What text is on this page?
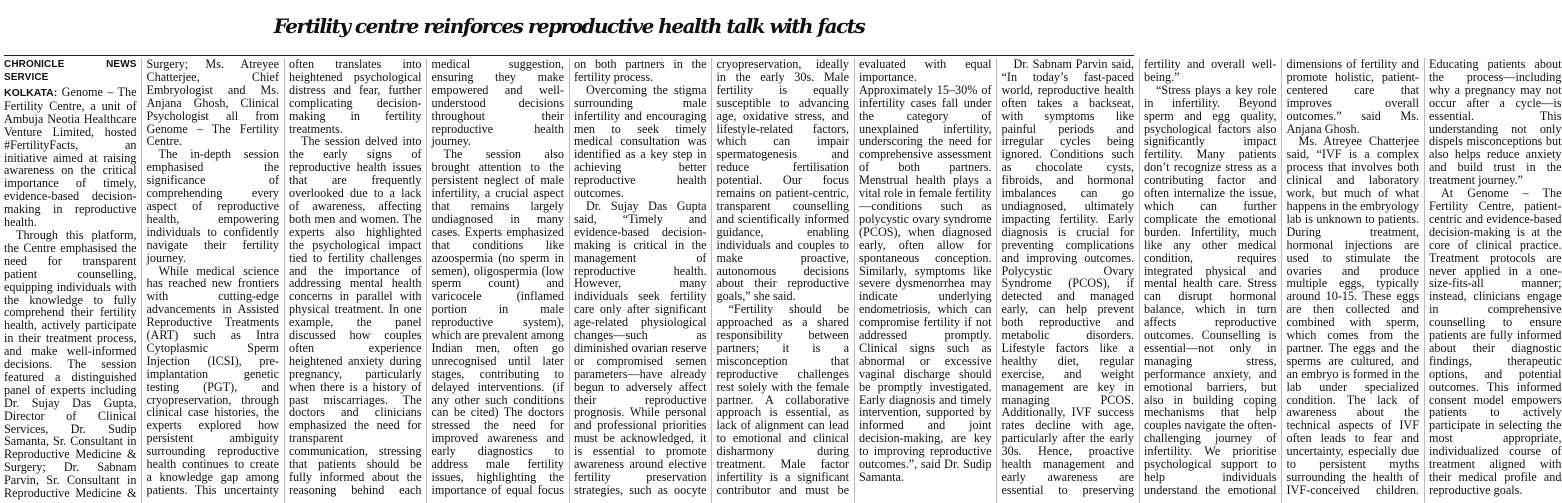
Fertility centre reinforces reproductive health talk with facts
CHRONICLE NEWS SERVICE

KOLKATA: Genome – The Fertility Centre, a unit of Ambuja Neotia Healthcare Venture Limited, hosted #FertilityFacts, an initiative aimed at raising awareness on the critical importance of timely, evidence-based decision-making in reproductive health.

Through this platform, the Centre emphasised the need for transparent patient counselling, equipping individuals with the knowledge to fully comprehend their fertility health, actively participate in their treatment process, and make well-informed decisions. The session featured a distinguished panel of experts including Dr. Sujay Das Gupta, Director of Clinical Services, Dr. Sudip Samanta, Sr. Consultant in Reproductive Medicine & Surgery; Dr. Sabnam Parvin, Sr. Consultant in Reproductive Medicine & Surgery; Ms. Atreyee Chatterjee, Chief Embryologist and Ms. Anjana Ghosh, Clinical Psychologist all from Genome – The Fertility Centre.

The in-depth session emphasised the significance of comprehending every aspect of reproductive health, empowering individuals to confidently navigate their fertility journey.

While medical science has reached new frontiers with cutting-edge advancements in Assisted Reproductive Treatments (ART) such as Intra Cytoplasmic Sperm Injection (ICSI), pre-implantation genetic testing (PGT), and cryopreservation, through clinical case histories, the experts explored how persistent ambiguity surrounding reproductive health continues to create a knowledge gap among patients. This uncertainty often translates into heightened psychological distress and fear, further complicating decision-making in fertility treatments.

The session delved into the early signs of reproductive health issues that are frequently overlooked due to a lack of awareness, affecting both men and women. The experts also highlighted the psychological impact tied to fertility challenges and the importance of addressing mental health concerns in parallel with physical treatment. In one example, the panel discussed how couples often experience heightened anxiety during pregnancy, particularly when there is a history of past miscarriages. The doctors and clinicians emphasized the need for transparent communication, stressing that patients should be fully informed about the reasoning behind each medical suggestion, ensuring they make empowered and well-understood decisions throughout their reproductive health journey.

The session also brought attention to the persistent neglect of male infertility, a crucial aspect that remains largely undiagnosed in many cases. Experts emphasized that conditions like azoospermia (no sperm in semen), oligospermia (low sperm count) and varicocele (inflamed portion in male reproductive system), which are prevalent among Indian men, often go unrecognised until later stages, contributing to delayed interventions. (if any other such conditions can be cited) The doctors stressed the need for improved awareness and early diagnostics to address male fertility issues, highlighting the importance of equal focus on both partners in the fertility process.

Overcoming the stigma surrounding male infertility and encouraging men to seek timely medical consultation was identified as a key step in achieving better reproductive health outcomes.

Dr. Sujay Das Gupta said, “Timely and evidence-based decision-making is critical in the management of reproductive health. However, many individuals seek fertility care only after significant age-related physiological changes—such as diminished ovarian reserve or compromised semen parameters—have already begun to adversely affect their reproductive prognosis. While personal and professional priorities must be acknowledged, it is essential to promote awareness around elective fertility preservation strategies, such as oocyte cryopreservation, ideally in the early 30s. Male fertility is equally susceptible to advancing age, oxidative stress, and lifestyle-related factors, which can impair spermatogenesis and reduce fertilisation potential. Our focus remains on patient-centric, transparent counselling and scientifically informed guidance, enabling individuals and couples to make proactive, autonomous decisions about their reproductive goals,” she said.

“Fertility should be approached as a shared responsibility between partners; it is a misconception that reproductive challenges rest solely with the female partner. A collaborative approach is essential, as lack of alignment can lead to emotional and clinical disharmony during treatment. Male factor infertility is a significant contributor and must be evaluated with equal importance. Approximately 15–30% of infertility cases fall under the category of unexplained infertility, underscoring the need for comprehensive assessment of both partners. Menstrual health plays a vital role in female fertility—conditions such as polycystic ovary syndrome (PCOS), when diagnosed early, often allow for spontaneous conception. Similarly, symptoms like severe dysmenorrhea may indicate underlying endometriosis, which can compromise fertility if not addressed promptly. Clinical signs such as abnormal or excessive vaginal discharge should be promptly investigated. Early diagnosis and timely intervention, supported by informed and joint decision-making, are key to improving reproductive outcomes.”, said Dr. Sudip Samanta.

Dr. Sabnam Parvin said, “In today’s fast-paced world, reproductive health often takes a backseat, with symptoms like painful periods and irregular cycles being ignored. Conditions such as chocolate cysts, fibroids, and hormonal imbalances can go undiagnosed, ultimately impacting fertility. Early diagnosis is crucial for preventing complications and improving outcomes. Polycystic Ovary Syndrome (PCOS), if detected and managed early, can help prevent both reproductive and metabolic disorders. Lifestyle factors like a healthy diet, regular exercise, and weight management are key in managing PCOS. Additionally, IVF success rates decline with age, particularly after the early 30s. Hence, proactive health management and early awareness are essential to preserving fertility and overall well-being.”

“Stress plays a key role in infertility. Beyond sperm and egg quality, psychological factors also significantly impact fertility. Many patients don’t recognize stress as a contributing factor and often internalize the issue, which can further complicate the emotional burden. Infertility, much like any other medical condition, requires integrated physical and mental health care. Stress can disrupt hormonal balance, which in turn affects reproductive outcomes. Counselling is essential—not only in managing stress, performance anxiety, and emotional barriers, but also in building coping mechanisms that help couples navigate the often-challenging journey of infertility. We prioritise psychological support to help individuals understand the emotional dimensions of fertility and promote holistic, patient-centered care that improves overall outcomes.” said Ms. Anjana Ghosh.

Ms. Atreyee Chatterjee said, “IVF is a complex process that involves both clinical and laboratory work, but much of what happens in the embryology lab is unknown to patients. During treatment, hormonal injections are used to stimulate the ovaries and produce multiple eggs, typically around 10-15. These eggs are then collected and combined with sperm, which comes from the partner. The eggs and the sperms are cultured, and an embryo is formed in the lab under specialized condition. The lack of awareness about the technical aspects of IVF often leads to fear and uncertainty, especially due to persistent myths surrounding the health of IVF-conceived children. Educating patients about the process—including why a pregnancy may not occur after a cycle—is essential. This understanding not only dispels misconceptions but also helps reduce anxiety and build trust in the treatment journey.”

At Genome – The Fertility Centre, patient-centric and evidence-based decision-making is at the core of clinical practice. Treatment protocols are never applied in a one-size-fits-all manner; instead, clinicians engage in comprehensive counselling to ensure patients are fully informed about their diagnostic findings, therapeutic options, and potential outcomes. This informed consent model empowers patients to actively participate in selecting the most appropriate, individualized course of treatment aligned with their medical profile and reproductive goals.
